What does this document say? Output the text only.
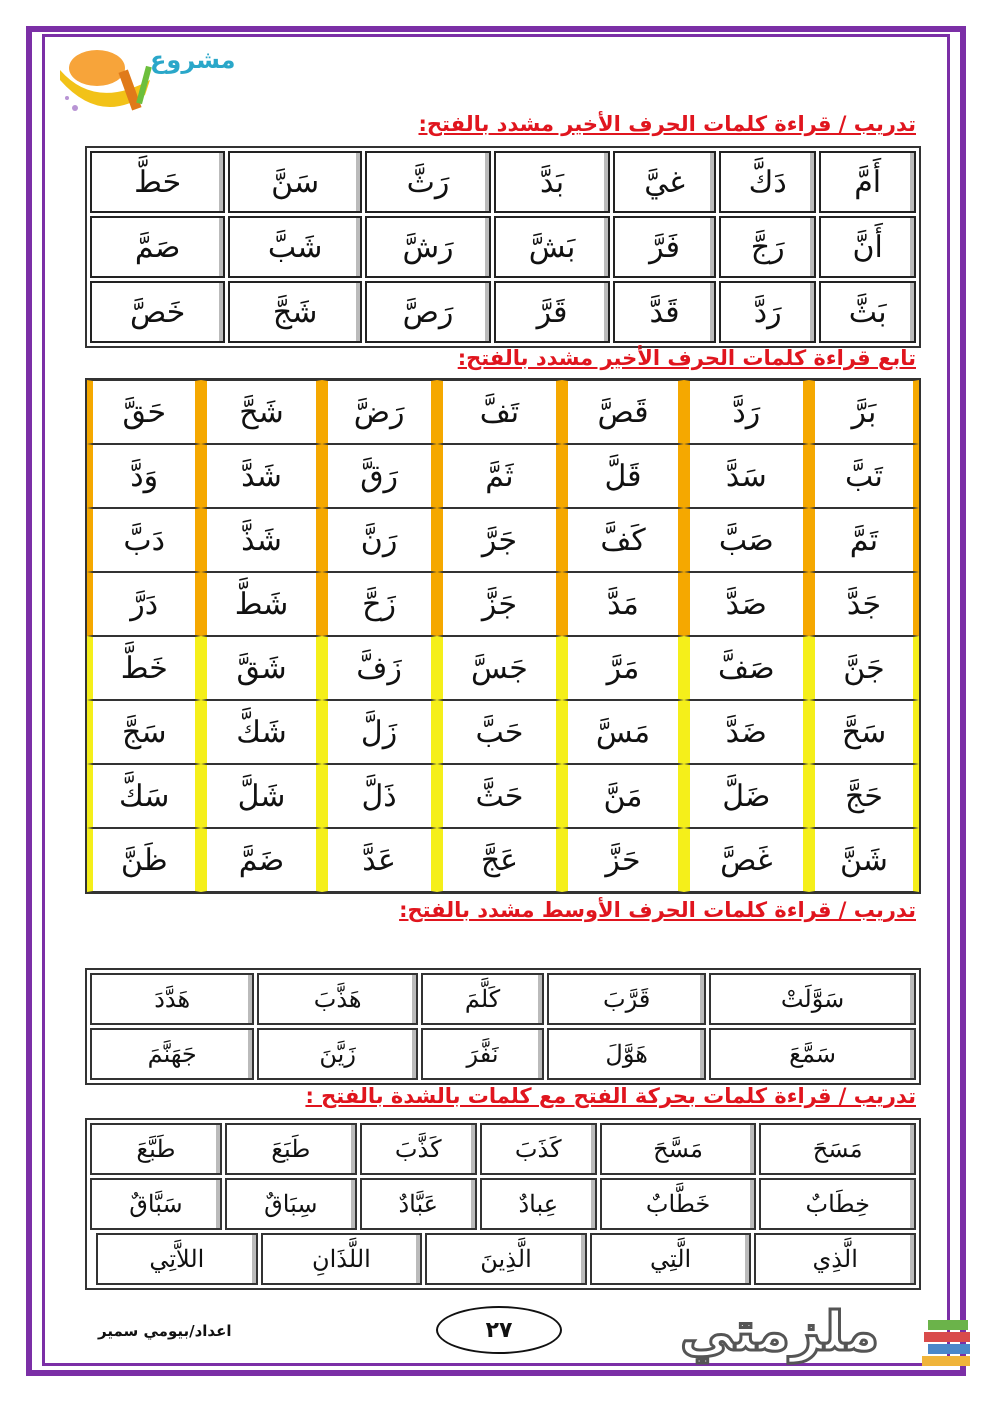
مشروع
تدريب / قراءة كلمات الحرف الأخير مشدد بالفتح:
أَمَّ	دَكَّ	غيَّ	بَدَّ	رَثَّ	سَنَّ	حَطَّ
أَنَّ	رَجَّ	فَرَّ	بَشَّ	رَشَّ	شَبَّ	صَمَّ
بَثَّ	رَدَّ	قَدَّ	قَرَّ	رَصَّ	شَجَّ	خَصَّ
تابع قراءة كلمات الحرف الأخير مشدد بالفتح:
بَرَّ	رَدَّ	قَصَّ	تَفَّ	رَضَّ	شَحَّ	حَقَّ
تَبَّ	سَدَّ	قَلَّ	ثَمَّ	رَقَّ	شَدَّ	وَدَّ
تَمَّ	صَبَّ	كَفَّ	جَرَّ	رَنَّ	شَذَّ	دَبَّ
جَدَّ	صَدَّ	مَدَّ	جَزَّ	زَحَّ	شَطَّ	دَرَّ
جَنَّ	صَفَّ	مَرَّ	جَسَّ	زَفَّ	شَقَّ	خَطَّ
سَحَّ	ضَدَّ	مَسَّ	حَبَّ	زَلَّ	شَكَّ	سَجَّ
حَجَّ	ضَلَّ	مَنَّ	حَثَّ	ذَلَّ	شَلَّ	سَكَّ
شَنَّ	غَصَّ	حَزَّ	عَجَّ	عَدَّ	ضَمَّ	ظَنَّ
تدريب / قراءة كلمات الحرف الأوسط مشدد بالفتح:
سَوَّلَتْ	قَرَّبَ	كَلَّمَ	هَذَّبَ	هَدَّدَ
سَمَّعَ	هَوَّلَ	نَفَّرَ	زَيَّنَ	جَهَنَّمَ
تدريب / قراءة كلمات بحركة الفتح مع كلمات بالشدة بالفتح :
مَسَحَ	مَسَّحَ	كَذَبَ	كَذَّبَ	طَبَعَ	طَبَّعَ
خِطَابٌ	خَطَّابٌ	عِبادٌ	عَبَّادٌ	سِبَاقٌ	سَبَّاقٌ

الَّذِي	الَّتِي	الَّذِينَ	اللَّذَانِ	اللاَّتِي
اعداد/بيومي سمير	٢٧	ملزمتي
